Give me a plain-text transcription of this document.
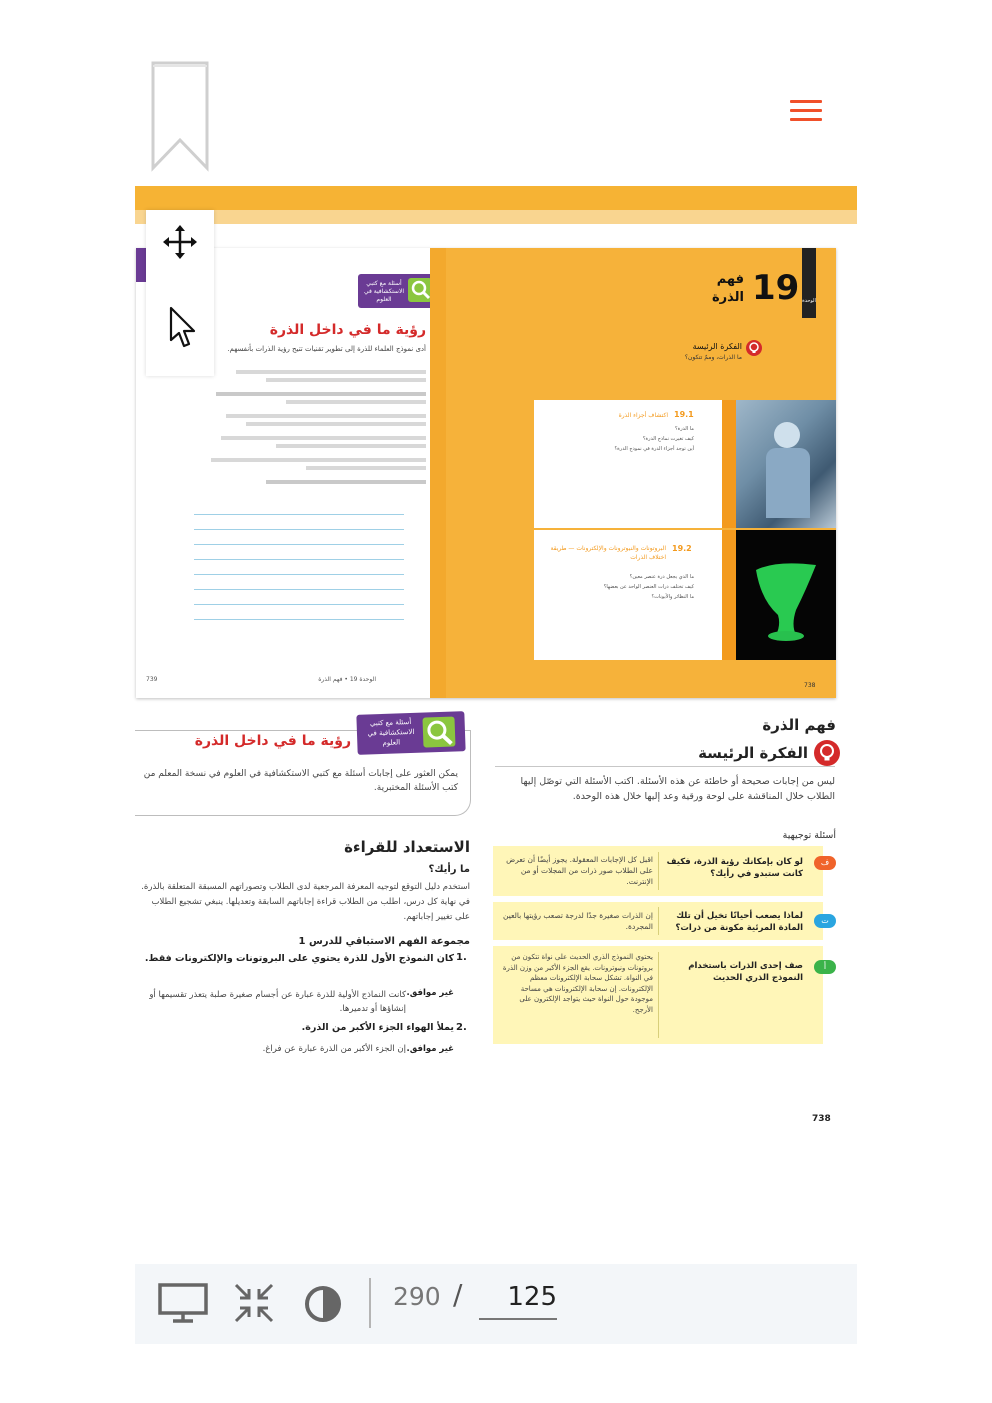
أسئلة مع كتبي الاستكشافية في العلوم
رؤية ما في داخل الذرة
أدى نموذج العلماء للذرة إلى تطوير تقنيات تتيح رؤية الذرات بأنفسهم.
الوحدة 19 • فهم الذرة
739
الوحدة
19
فهم
الذرة
الفكرة الرئيسة
ما الذرات، وممّ تتكون؟
19.1
اكتشاف أجزاء الذرة
ما الذرة؟
كيف تغيرت نماذج الذرة؟
أين توجد أجزاء الذرة في نموذج الذرة؟
19.2
البروتونات والنيوترونات والإلكترونات — طريقة اختلاف الذرات
ما الذي يجعل ذرة عنصر معين؟
كيف تختلف ذرات العنصر الواحد عن بعضها؟
ما النظائر والأيونات؟
738
فهم الذرة
الفكرة الرئيسة
ليس من إجابات صحيحة أو خاطئة عن هذه الأسئلة. اكتب الأسئلة التي توصّل إليها الطلاب خلال المناقشة على لوحة ورقية وعد إليها خلال هذه الوحدة.
أسئلة توجيهية
لو كان بإمكانك رؤية الذرة، فكيف كانت ستبدو في رأيك؟
اقبل كل الإجابات المعقولة. يجوز أيضًا أن تعرض على الطلاب صور ذرات من المجلات أو من الإنترنت.
ف
لماذا يصعب أحيانًا تخيل أن تلك المادة المرئية مكونة من ذرات؟
إن الذرات صغيرة جدًا لدرجة تصعب رؤيتها بالعين المجردة.
ت
صف إحدى الذرات باستخدام النموذج الذري الحديث
يحتوي النموذج الذري الحديث على نواة تتكون من بروتونات ونيوترونات. يقع الجزء الأكبر من وزن الذرة في النواة. تشكل سحابة الإلكترونات معظم الإلكترونات. إن سحابة الإلكترونات هي مساحة موجودة حول النواة حيث يتواجد الإلكترون على الأرجح.
أ
738
أسئلة مع كتبي الاستكشافية في العلوم
رؤية ما في داخل الذرة
يمكن العثور على إجابات أسئلة مع كتبي الاستكشافية في العلوم في نسخة المعلم من كتب الأسئلة المختبرية.
الاستعداد للقراءة
ما رأيك؟
استخدم دليل التوقع لتوجيه المعرفة المرجعية لدى الطلاب وتصوراتهم المسبقة المتعلقة بالذرة. في نهاية كل درس، اطلب من الطلاب قراءة إجاباتهم السابقة وتعديلها. ينبغي تشجيع الطلاب على تغيير إجاباتهم.
مجموعة الفهم الاستباقي للدرس 1
1.
كان النموذج الأول للذرة يحتوي على البروتونات والإلكترونات فقط.
غير موافق.
كانت النماذج الأولية للذرة عبارة عن أجسام صغيرة صلبة يتعذر تقسيمها أو إنشاؤها أو تدميرها.
2.
يملأ الهواء الجزء الأكبر من الذرة.
غير موافق.
إن الجزء الأكبر من الذرة عبارة عن فراغ.
290 / 125
